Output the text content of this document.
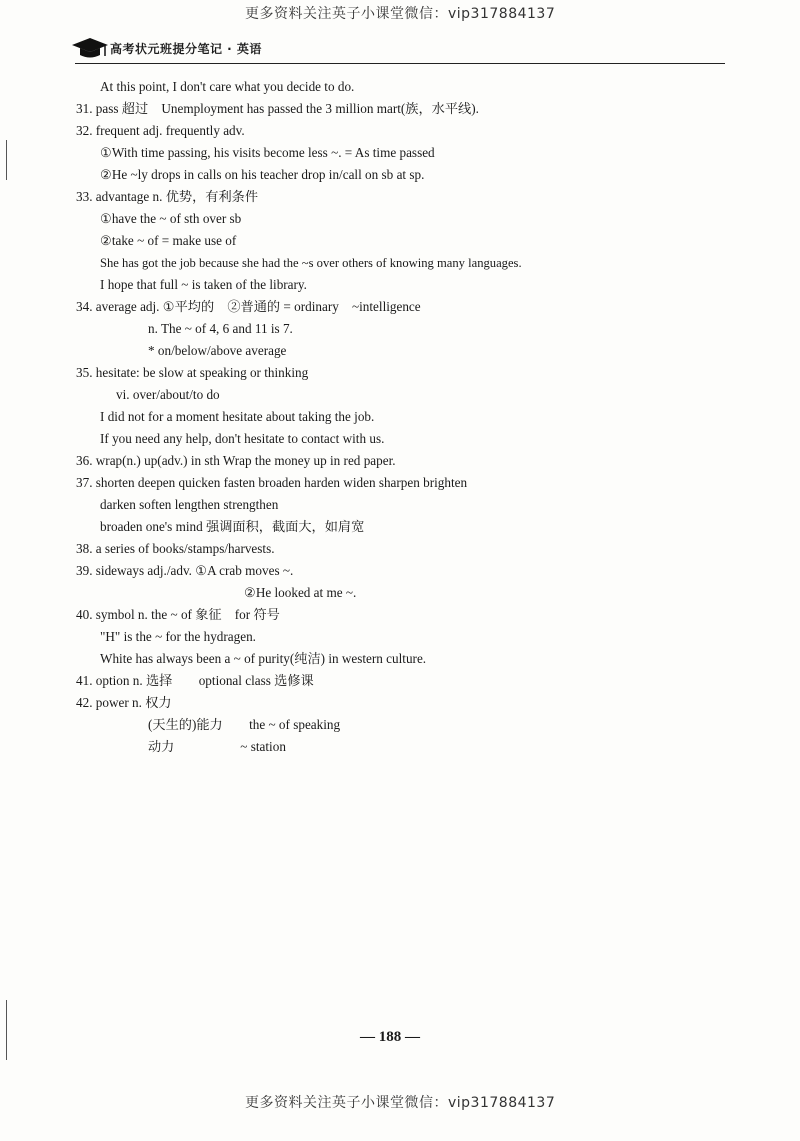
高考状元班提分笔记 · 英语
更多资料关注英子小课堂微信：vip317884137
At this point, I don't care what you decide to do.
31. pass 超过　Unemployment has passed the 3 million mart(族，水平线).
32. frequent adj. frequently adv.
①With time passing, his visits become less ~. = As time passed
②He ~ly drops in calls on his teacher drop in/call on sb at sp.
33. advantage n. 优势，有利条件
①have the ~ of sth over sb
②take ~ of = make use of
She has got the job because she had the ~s over others of knowing many languages.
I hope that full ~ is taken of the library.
34. average adj. ①平均的　②普通的 = ordinary　~intelligence
n. The ~ of 4, 6 and 11 is 7.
* on/below/above average
35. hesitate: be slow at speaking or thinking
vi. over/about/to do
I did not for a moment hesitate about taking the job.
If you need any help, don't hesitate to contact with us.
36. wrap(n.) up(adv.) in sth Wrap the money up in red paper.
37. shorten deepen quicken fasten broaden harden widen sharpen brighten
darken soften lengthen strengthen
broaden one's mind 强调面积，截面大，如肩宽
38. a series of books/stamps/harvests.
39. sideways adj./adv. ①A crab moves ~.
②He looked at me ~.
40. symbol n. the ~ of 象征　for 符号
"H" is the ~ for the hydragen.
White has always been a ~ of purity(纯洁) in western culture.
41. option n. 选择　　optional class 选修课
42. power n. 权力
(天生的)能力　　the ~ of speaking
动力　　　　　~ station
— 188 —
更多资料关注英子小课堂微信：vip317884137
